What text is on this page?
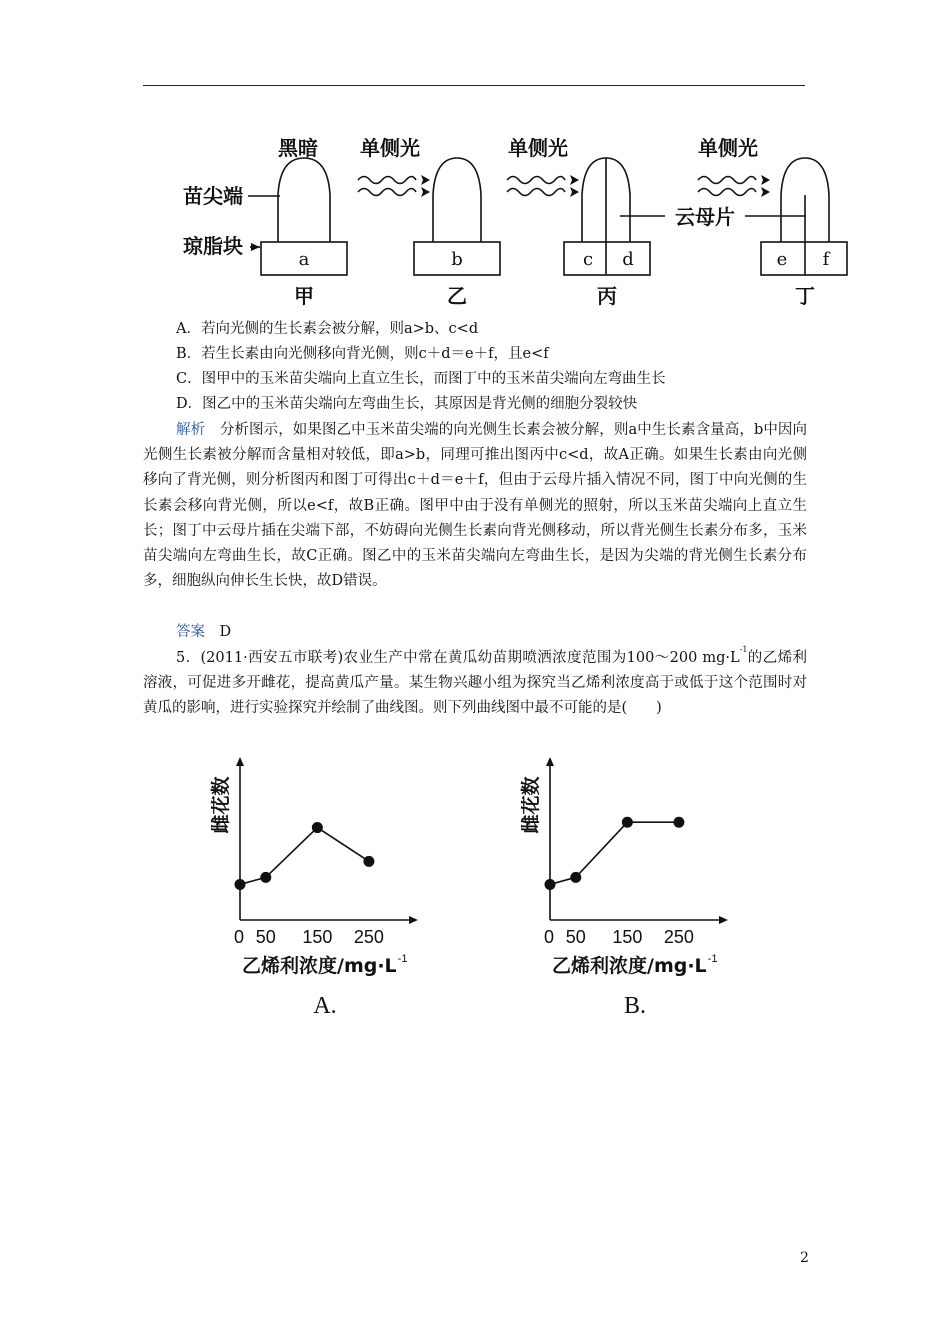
黑暗 单侧光	单侧光	单侧光
苗尖端
琼脂块
云母片
a	b	c d	e f
甲	乙	丙	丁
A．若向光侧的生长素会被分解，则a>b、c<d
B．若生长素由向光侧移向背光侧，则c＋d＝e＋f，且e<f
C．图甲中的玉米苗尖端向上直立生长，而图丁中的玉米苗尖端向左弯曲生长
D．图乙中的玉米苗尖端向左弯曲生长，其原因是背光侧的细胞分裂较快
解析　 分析图示，如果图乙中玉米苗尖端的向光侧生长素会被分解，则a中生长素含量高，b中因向光侧生长素被分解而含量相对较低，即a>b，同理可推出图丙中c<d，故A正确。如果生长素由向光侧移向了背光侧，则分析图丙和图丁可得出c＋d＝e＋f，但由于云母片插入情况不同，图丁中向光侧的生长素会移向背光侧，所以e<f，故B正确。图甲中由于没有单侧光的照射，所以玉米苗尖端向上直立生长；图丁中云母片插在尖端下部，不妨碍向光侧生长素向背光侧移动，所以背光侧生长素分布多，玉米苗尖端向左弯曲生长，故C正确。图乙中的玉米苗尖端向左弯曲生长，是因为尖端的背光侧生长素分布多，细胞纵向伸长生长快，故D错误。
答案　 D
5．(2011·西安五市联考)农业生产中常在黄瓜幼苗期喷洒浓度范围为100～200 $mg\cdot L^{-1}$的乙烯利溶液，可促进多开雌花，提高黄瓜产量。某生物兴趣小组为探究当乙烯利浓度高于或低于这个范围时对黄瓜的影响，进行实验探究并绘制了曲线图。则下列曲线图中最不可能的是(　　)
雌花数
0 50 150 250
乙烯利浓度/mg·L -1
A.
雌花数
0 50 150 250
乙烯利浓度/mg·L -1
B.
2
